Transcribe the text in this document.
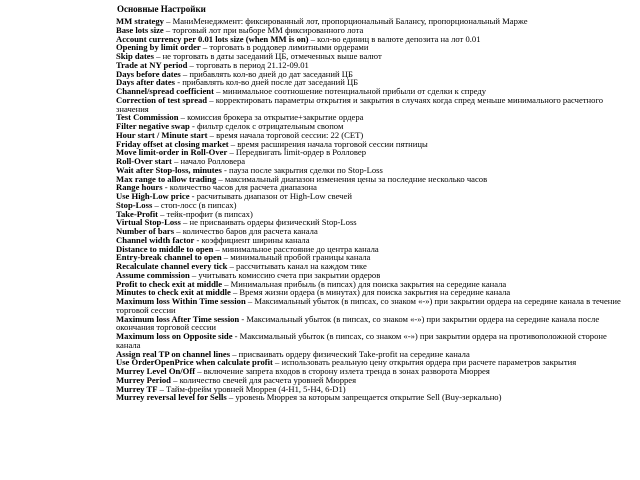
Основные Настройки

MM strategy – МаниМенеджмент: фиксированный лот, пропорциональный Балансу, пропорциональный Марже

Base lots size – торговый лот при выборе ММ фиксированного лота

Account currency per 0.01 lots size (when MM is on) – кол-во единиц в валюте депозита на лот 0.01

Opening by limit order – торговать в роддовер лимитными ордерами

Skip dates – не торговать в даты заседаний ЦБ, отмеченных выше валют

Trade at NY period – торговать в период 21.12-09.01

Days before dates – прибавлять кол-во дней до дат заседаний ЦБ

Days after dates - прибавлять кол-во дней после дат заседаний ЦБ

Channel/spread coefficient – минимальное соотношение потенциальной прибыли от сделки к спреду

Correction of test spread – корректировать параметры открытия и закрытия в случаях когда спред меньше минимального расчетного значения

Test Commission – комиссия брокера за открытие+закрытие ордера

Filter negative swap - фильтр сделок с отрицательным свопом

Hour start / Minute start – время начала торговой сессии: 22 (CET)

Friday offset at closing market – время расширения начала торговой сессии пятницы

Move limit-order in Roll-Over – Передвигать limit-ордер в Ролловер

Roll-Over start – начало Ролловера

Wait after Stop-loss, minutes - пауза после закрытия сделки по Stop-Loss

Max range to allow trading – максимальный диапазон изменения цены за последние несколько часов

Range hours - количество часов для расчета диапазона

Use High-Low price - расчитывать диапазон от High-Low свечей

Stop-Loss – стоп-лосс (в пипсах)

Take-Profit – тейк-профит (в пипсах)

Virtual Stop-Loss – не присваивать ордеры физический Stop-Loss

Number of bars – количество баров для расчета канала

Channel width factor - коэффициент ширины канала

Distance to middle to open – минимальное расстояние до центра канала

Entry-break channel to open – минимальный пробой границы канала

Recalculate channel every tick – рассчитывать канал на каждом тике

Assume commission – учитывать комиссию счета при закрытии ордеров

Profit to check exit at middle – Минимальная прибыль (в пипсах) для поиска закрытия на середине канала

Minutes to check exit at middle – Время жизни ордера (в минутах) для поиска закрытия на середине канала

Maximum loss Within Time session – Максимальный убыток (в пипсах, со знаком «-») при закрытии ордера на середине канала в течение торговой сессии

Maximum loss After Time session - Максимальный убыток (в пипсах, со знаком «-») при закрытии ордера на середине канала после окончания торговой сессии

Maximum loss on Opposite side - Максимальный убыток (в пипсах, со знаком «-») при закрытии ордера на противоположной стороне канала

Assign real TP on channel lines – присваивать ордеру физический Take-profit на середине канала

Use OrderOpenPrice when calculate profit – использовать реальную цену открытия ордера при расчете параметров закрытия

Murrey Level On/Off – включение запрета входов в сторону излета тренда в зонах разворота Мюррея

Murrey Period – количество свечей для расчета уровней Мюррея

Murrey TF – Тайм-фрейм уровней Мюррея (4-H1, 5-H4, 6-D1)

Murrey reversal level for Sells – уровень Мюррея за которым запрещается открытие Sell (Buy-зеркально)
